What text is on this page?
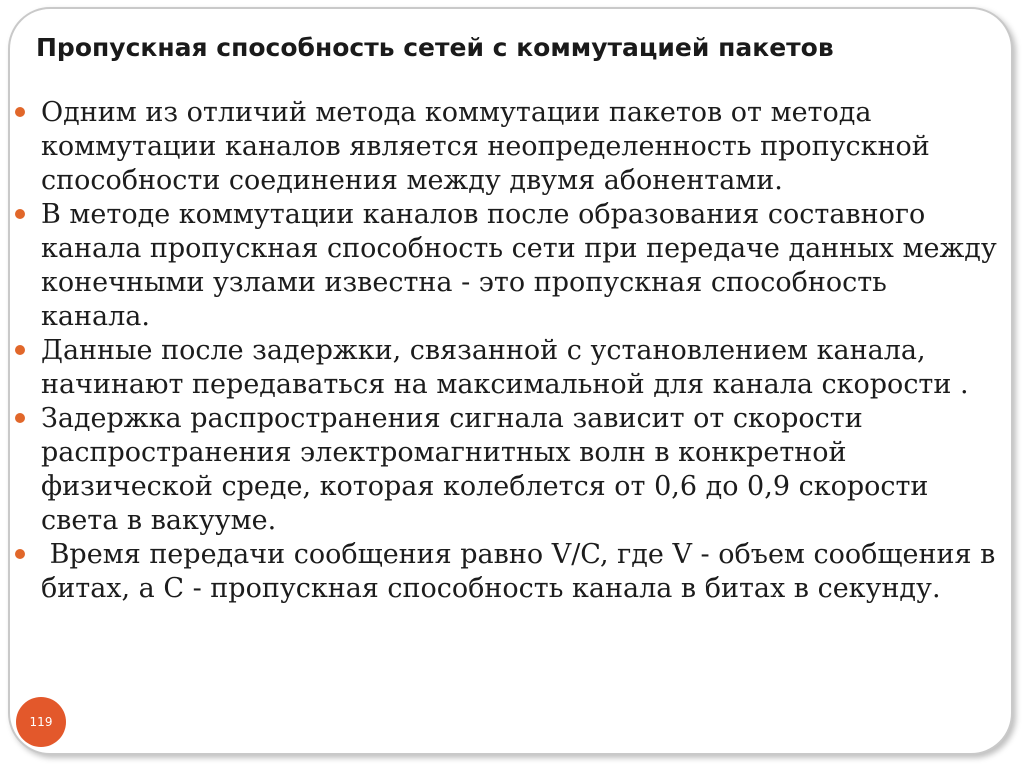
Пропускная способность сетей с коммутацией пакетов
Одним из отличий метода коммутации пакетов от метода коммутации каналов является неопределенность пропускной способности соединения между двумя абонентами.
В методе коммутации каналов после образования составного канала пропускная способность сети при передаче данных между конечными узлами известна - это пропускная способность канала.
Данные после задержки, связанной с установлением канала, начинают передаваться на максимальной для канала скорости .
Задержка распространения сигнала зависит от скорости распространения электромагнитных волн в конкретной физической среде, которая колеблется от 0,6 до 0,9 скорости света в вакууме.
Время передачи сообщения равно V/C, где V - объем сообщения в битах, а C - пропускная способность канала в битах в секунду.
119
